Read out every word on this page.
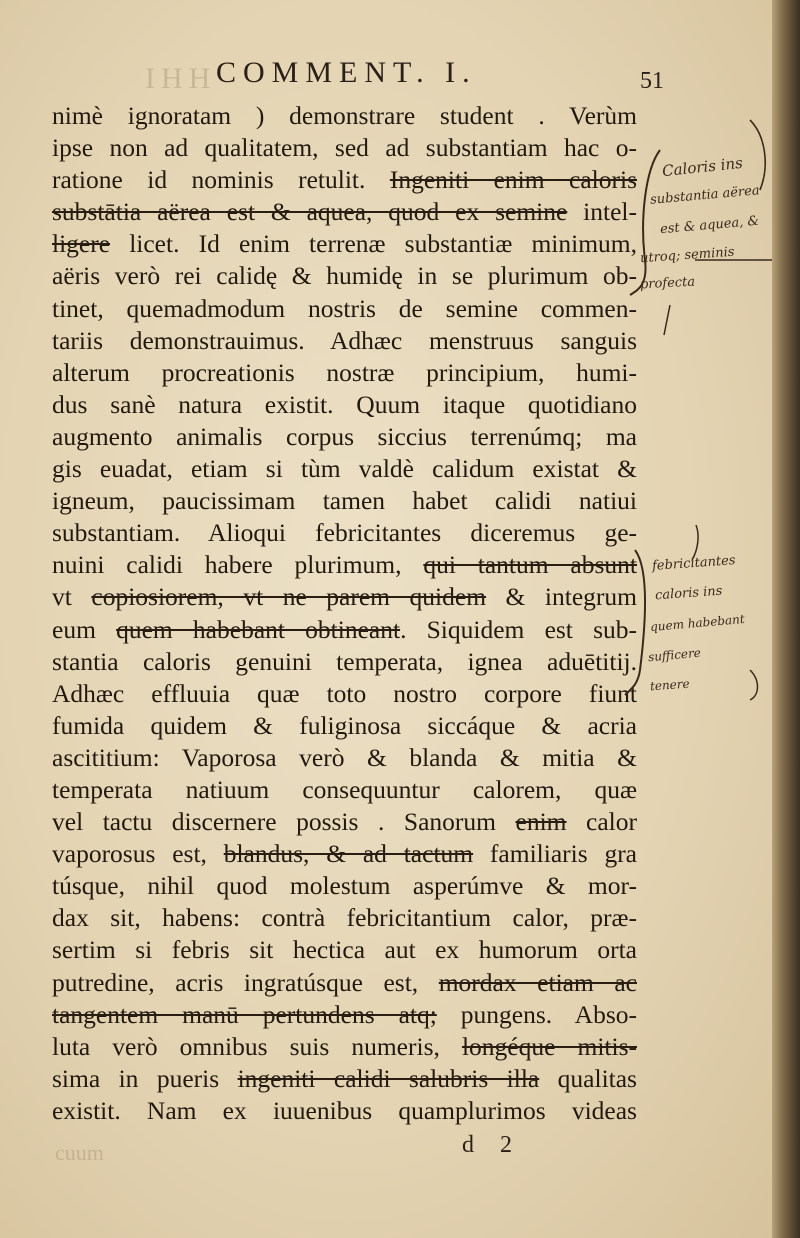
IHH
cuum
COMMENT. I.	51
nimè ignoratam ) demonstrare student . Verùm
ipse non ad qualitatem, sed ad substantiam hac o-
ratione id nominis retulit. Ingeniti enim caloris
substātia aërea est & aquea, quod ex semine intel-
ligere licet. Id enim terrenæ substantiæ minimum,
aëris verò rei calidę & humidę in se plurimum ob-
tinet, quemadmodum nostris de semine commen-
tariis demonstrauimus. Adhæc menstruus sanguis
alterum procreationis nostræ principium, humi-
dus sanè natura existit. Quum itaque quotidiano
augmento animalis corpus siccius terrenúmq; ma
gis euadat, etiam si tùm valdè calidum existat &
igneum, paucissimam tamen habet calidi natiui
substantiam. Alioqui febricitantes diceremus ge-
nuini calidi habere plurimum, qui tantum absunt
vt copiosiorem, vt ne parem quidem & integrum
eum quem habebant obtineant. Siquidem est sub-
stantia caloris genuini temperata, ignea aduētitij.
Adhæc effluuia quæ toto nostro corpore fiunt
fumida quidem & fuliginosa siccáque & acria
ascititium: Vaporosa verò & blanda & mitia &
temperata natiuum consequuntur calorem, quæ
vel tactu discernere possis . Sanorum enim calor
vaporosus est, blandus, & ad tactum familiaris gra
túsque, nihil quod molestum asperúmve & mor-
dax sit, habens: contrà febricitantium calor, præ-
sertim si febris sit hectica aut ex humorum orta
putredine, acris ingratúsque est, mordax etiam ac
tangentem manū pertundens atq; pungens. Abso-
luta verò omnibus suis numeris, longéque mitis-
sima in pueris ingeniti calidi salubris illa qualitas
existit. Nam ex iuuenibus quamplurimos videas
Caloris ins
substantia aërea
est & aquea, &
utroq; seminis
profecta
febricitantes
caloris ins
quem habebant
sufficere
tenere
d 2
